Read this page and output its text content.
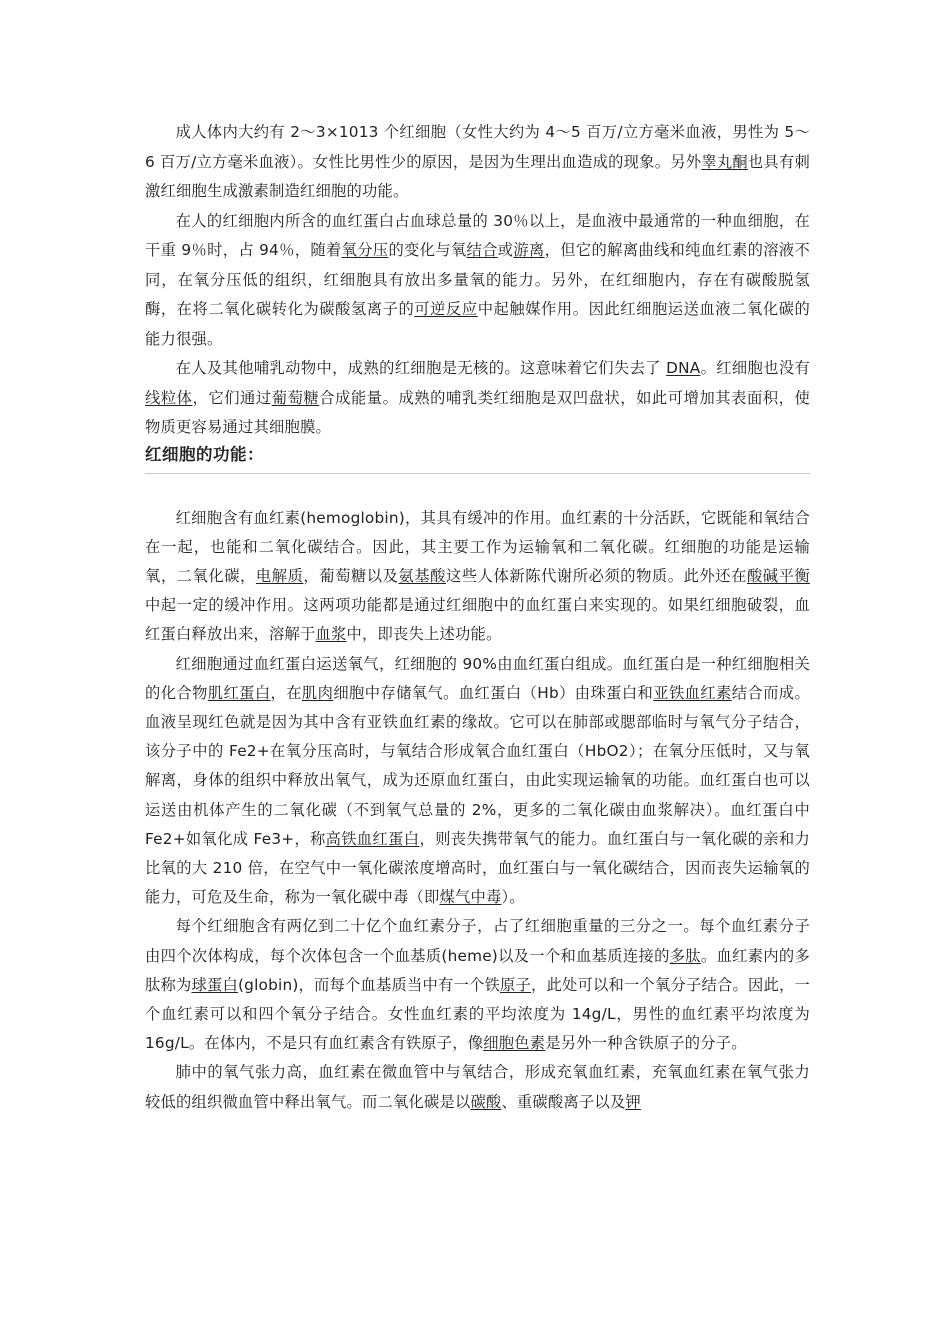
成人体内大约有 2～3×1013 个红细胞（女性大约为 4～5 百万/立方毫米血液，男性为 5～6 百万/立方毫米血液）。女性比男性少的原因，是因为生理出血造成的现象。另外睾丸酮也具有刺激红细胞生成激素制造红细胞的功能。

在人的红细胞内所含的血红蛋白占血球总量的 30％以上，是血液中最通常的一种血细胞，在干重 9％时，占 94％，随着氧分压的变化与氧结合或游离，但它的解离曲线和纯血红素的溶液不同，在氧分压低的组织，红细胞具有放出多量氧的能力。另外，在红细胞内，存在有碳酸脱氢酶，在将二氧化碳转化为碳酸氢离子的可逆反应中起触媒作用。因此红细胞运送血液二氧化碳的能力很强。

在人及其他哺乳动物中，成熟的红细胞是无核的。这意味着它们失去了 DNA。红细胞也没有线粒体，它们通过葡萄糖合成能量。成熟的哺乳类红细胞是双凹盘状，如此可增加其表面积，使物质更容易通过其细胞膜。

红细胞的功能：

红细胞含有血红素(hemoglobin)，其具有缓冲的作用。血红素的十分活跃，它既能和氧结合在一起，也能和二氧化碳结合。因此，其主要工作为运输氧和二氧化碳。红细胞的功能是运输氧，二氧化碳，电解质，葡萄糖以及氨基酸这些人体新陈代谢所必须的物质。此外还在酸碱平衡中起一定的缓冲作用。这两项功能都是通过红细胞中的血红蛋白来实现的。如果红细胞破裂，血红蛋白释放出来，溶解于血浆中，即丧失上述功能。

红细胞通过血红蛋白运送氧气，红细胞的 90%由血红蛋白组成。血红蛋白是一种红细胞相关的化合物肌红蛋白，在肌肉细胞中存储氧气。血红蛋白（Hb）由珠蛋白和亚铁血红素结合而成。血液呈现红色就是因为其中含有亚铁血红素的缘故。它可以在肺部或腮部临时与氧气分子结合，该分子中的 Fe2+在氧分压高时，与氧结合形成氧合血红蛋白（HbO2）；在氧分压低时，又与氧解离，身体的组织中释放出氧气，成为还原血红蛋白，由此实现运输氧的功能。血红蛋白也可以运送由机体产生的二氧化碳（不到氧气总量的 2%，更多的二氧化碳由血浆解决）。血红蛋白中 Fe2+如氧化成 Fe3+，称高铁血红蛋白，则丧失携带氧气的能力。血红蛋白与一氧化碳的亲和力比氧的大 210 倍，在空气中一氧化碳浓度增高时，血红蛋白与一氧化碳结合，因而丧失运输氧的能力，可危及生命，称为一氧化碳中毒（即煤气中毒）。

每个红细胞含有两亿到二十亿个血红素分子，占了红细胞重量的三分之一。每个血红素分子由四个次体构成，每个次体包含一个血基质(heme)以及一个和血基质连接的多肽。血红素内的多肽称为球蛋白(globin)，而每个血基质当中有一个铁原子，此处可以和一个氧分子结合。因此，一个血红素可以和四个氧分子结合。女性血红素的平均浓度为 14g/L，男性的血红素平均浓度为 16g/L。在体内，不是只有血红素含有铁原子，像细胞色素是另外一种含铁原子的分子。

肺中的氧气张力高，血红素在微血管中与氧结合，形成充氧血红素，充氧血红素在氧气张力较低的组织微血管中释出氧气。而二氧化碳是以碳酸、重碳酸离子以及钾
